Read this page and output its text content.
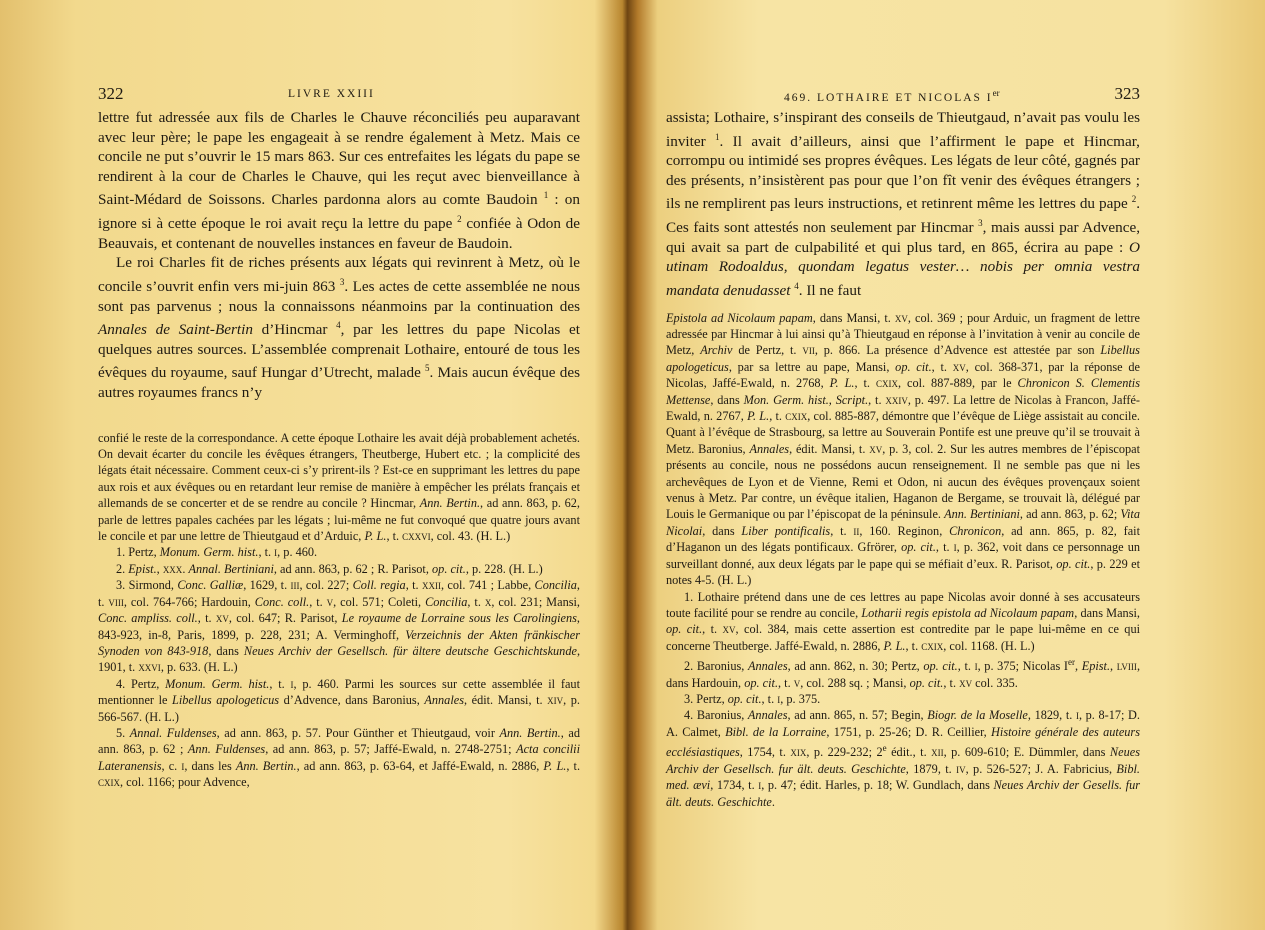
322	LIVRE XXIII

lettre fut adressée aux fils de Charles le Chauve réconciliés peu auparavant avec leur père; le pape les engageait à se rendre également à Metz. Mais ce concile ne put s’ouvrir le 15 mars 863. Sur ces entrefaites les légats du pape se rendirent à la cour de Charles le Chauve, qui les reçut avec bienveillance à Saint-Médard de Soissons. Charles pardonna alors au comte Baudoin $^1$ : on ignore si à cette époque le roi avait reçu la lettre du pape $^2$ confiée à Odon de Beauvais, et contenant de nouvelles instances en faveur de Baudoin.

Le roi Charles fit de riches présents aux légats qui revinrent à Metz, où le concile s’ouvrit enfin vers mi-juin 863 $^3$. Les actes de cette assemblée ne nous sont pas parvenus ; nous la connaissons néanmoins par la continuation des Annales de Saint-Bertin d’Hincmar $^4$, par les lettres du pape Nicolas et quelques autres sources. L’assemblée comprenait Lothaire, entouré de tous les évêques du royaume, sauf Hungar d’Utrecht, malade $^5$. Mais aucun évêque des autres royaumes francs n’y

confié le reste de la correspondance. A cette époque Lothaire les avait déjà probablement achetés. On devait écarter du concile les évêques étrangers, Theutberge, Hubert etc. ; la complicité des légats était nécessaire. Comment ceux-ci s’y prirent-ils ? Est-ce en supprimant les lettres du pape aux rois et aux évêques ou en retardant leur remise de manière à empêcher les prélats français et allemands de se concerter et de se rendre au concile ? Hincmar, Ann. Bertin., ad ann. 863, p. 62, parle de lettres papales cachées par les légats ; lui-même ne fut convoqué que quatre jours avant le concile et par une lettre de Thieutgaud et d’Arduic, P. L., t. cxxvi, col. 43. (H. L.)

1. Pertz, Monum. Germ. hist., t. i, p. 460.

2. Epist., xxx. Annal. Bertiniani, ad ann. 863, p. 62 ; R. Parisot, op. cit., p. 228. (H. L.)

3. Sirmond, Conc. Galliæ, 1629, t. iii, col. 227; Coll. regia, t. xxii, col. 741 ; Labbe, Concilia, t. viii, col. 764-766; Hardouin, Conc. coll., t. v, col. 571; Coleti, Concilia, t. x, col. 231; Mansi, Conc. ampliss. coll., t. xv, col. 647; R. Parisot, Le royaume de Lorraine sous les Carolingiens, 843-923, in-8, Paris, 1899, p. 228, 231; A. Verminghoff, Verzeichnis der Akten fränkischer Synoden von 843-918, dans Neues Archiv der Gesellsch. für ältere deutsche Geschichtskunde, 1901, t. xxvi, p. 633. (H. L.)

4. Pertz, Monum. Germ. hist., t. i, p. 460. Parmi les sources sur cette assemblée il faut mentionner le Libellus apologeticus d’Advence, dans Baronius, Annales, édit. Mansi, t. xiv, p. 566-567. (H. L.)

5. Annal. Fuldenses, ad ann. 863, p. 57. Pour Günther et Thieutgaud, voir Ann. Bertin., ad ann. 863, p. 62 ; Ann. Fuldenses, ad ann. 863, p. 57; Jaffé-Ewald, n. 2748-2751; Acta concilii Lateranensis, c. i, dans les Ann. Bertin., ad ann. 863, p. 63-64, et Jaffé-Ewald, n. 2886, P. L., t. cxix, col. 1166; pour Advence,

469. LOTHAIRE ET NICOLAS Ier	323

assista; Lothaire, s’inspirant des conseils de Thieutgaud, n’avait pas voulu les inviter $^1$. Il avait d’ailleurs, ainsi que l’affirment le pape et Hincmar, corrompu ou intimidé ses propres évêques. Les légats de leur côté, gagnés par des présents, n’insistèrent pas pour que l’on fît venir des évêques étrangers ; ils ne remplirent pas leurs instructions, et retinrent même les lettres du pape $^2$. Ces faits sont attestés non seulement par Hincmar $^3$, mais aussi par Advence, qui avait sa part de culpabilité et qui plus tard, en 865, écrira au pape : O utinam Rodoaldus, quondam legatus vester… nobis per omnia vestra mandata denudasset $^4$. Il ne faut

Epistola ad Nicolaum papam, dans Mansi, t. xv, col. 369 ; pour Arduic, un fragment de lettre adressée par Hincmar à lui ainsi qu’à Thieutgaud en réponse à l’invitation à venir au concile de Metz, Archiv de Pertz, t. vii, p. 866. La présence d’Advence est attestée par son Libellus apologeticus, par sa lettre au pape, Mansi, op. cit., t. xv, col. 368-371, par la réponse de Nicolas, Jaffé-Ewald, n. 2768, P. L., t. cxix, col. 887-889, par le Chronicon S. Clementis Mettense, dans Mon. Germ. hist., Script., t. xxiv, p. 497. La lettre de Nicolas à Francon, Jaffé-Ewald, n. 2767, P. L., t. cxix, col. 885-887, démontre que l’évêque de Liège assistait au concile. Quant à l’évêque de Strasbourg, sa lettre au Souverain Pontife est une preuve qu’il se trouvait à Metz. Baronius, Annales, édit. Mansi, t. xv, p. 3, col. 2. Sur les autres membres de l’épiscopat présents au concile, nous ne possédons aucun renseignement. Il ne semble pas que ni les archevêques de Lyon et de Vienne, Remi et Odon, ni aucun des évêques provençaux soient venus à Metz. Par contre, un évêque italien, Haganon de Bergame, se trouvait là, délégué par Louis le Germanique ou par l’épiscopat de la péninsule. Ann. Bertiniani, ad ann. 863, p. 62; Vita Nicolai, dans Liber pontificalis, t. ii, 160. Reginon, Chronicon, ad ann. 865, p. 82, fait d’Haganon un des légats pontificaux. Gfrörer, op. cit., t. i, p. 362, voit dans ce personnage un surveillant donné, aux deux légats par le pape qui se méfiait d’eux. R. Parisot, op. cit., p. 229 et notes 4-5. (H. L.)

1. Lothaire prétend dans une de ces lettres au pape Nicolas avoir donné à ses accusateurs toute facilité pour se rendre au concile, Lotharii regis epistola ad Nicolaum papam, dans Mansi, op. cit., t. xv, col. 384, mais cette assertion est contredite par le pape lui-même en ce qui concerne Theutberge. Jaffé-Ewald, n. 2886, P. L., t. cxix, col. 1168. (H. L.)

2. Baronius, Annales, ad ann. 862, n. 30; Pertz, op. cit., t. i, p. 375; Nicolas Ier, Epist., lviii, dans Hardouin, op. cit., t. v, col. 288 sq. ; Mansi, op. cit., t. xv col. 335.

3. Pertz, op. cit., t. i, p. 375.

4. Baronius, Annales, ad ann. 865, n. 57; Begin, Biogr. de la Moselle, 1829, t. i, p. 8-17; D. A. Calmet, Bibl. de la Lorraine, 1751, p. 25-26; D. R. Ceillier, Histoire générale des auteurs ecclésiastiques, 1754, t. xix, p. 229-232; 2e édit., t. xii, p. 609-610; E. Dümmler, dans Neues Archiv der Gesellsch. fur ält. deuts. Geschichte, 1879, t. iv, p. 526-527; J. A. Fabricius, Bibl. med. ævi, 1734, t. i, p. 47; édit. Harles, p. 18; W. Gundlach, dans Neues Archiv der Gesells. fur ält. deuts. Geschichte.
